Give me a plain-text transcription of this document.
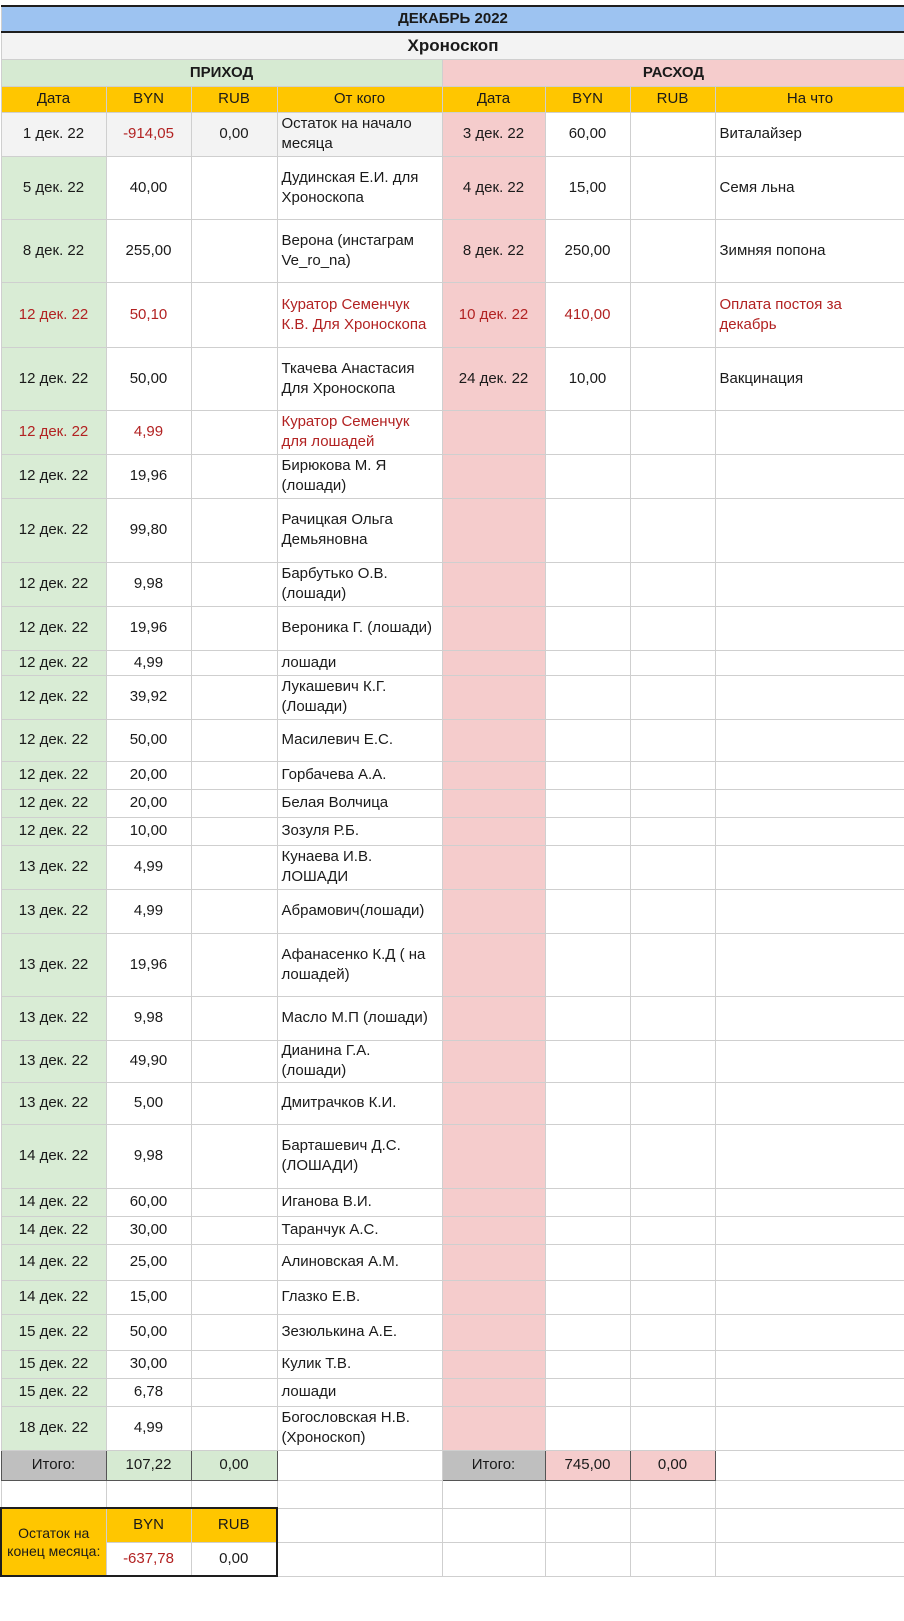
ДЕКАБРЬ 2022							
Хроноскоп							
ПРИХОД				РАСХОД			
Дата	BYN	RUB	От кого	Дата	BYN	RUB	На что
1 дек. 22	-914,05	0,00	Остаток на начало месяца	3 дек. 22	60,00		Виталайзер
5 дек. 22	40,00		Дудинская Е.И. для Хроноскопа	4 дек. 22	15,00		Семя льна
8 дек. 22	255,00		Верона (инстаграм Ve_ro_na)	8 дек. 22	250,00		Зимняя попона
12 дек. 22	50,10		Куратор Семенчук К.В. Для Хроноскопа	10 дек. 22	410,00		Оплата постоя за декабрь
12 дек. 22	50,00		Ткачева Анастасия Для Хроноскопа	24 дек. 22	10,00		Вакцинация
12 дек. 22	4,99		Куратор Семенчук для лошадей				
12 дек. 22	19,96		Бирюкова М. Я (лошади)				
12 дек. 22	99,80		Рачицкая Ольга Демьяновна				
12 дек. 22	9,98		Барбутько О.В. (лошади)				
12 дек. 22	19,96		Вероника Г. (лошади)				
12 дек. 22	4,99		лошади				
12 дек. 22	39,92		Лукашевич К.Г. (Лошади)				
12 дек. 22	50,00		Масилевич Е.С.				
12 дек. 22	20,00		Горбачева А.А.				
12 дек. 22	20,00		Белая Волчица				
12 дек. 22	10,00		Зозуля Р.Б.				
13 дек. 22	4,99		Кунаева И.В. ЛОШАДИ				
13 дек. 22	4,99		Абрамович(лошади)				
13 дек. 22	19,96		Афанасенко К.Д ( на лошадей)				
13 дек. 22	9,98		Масло М.П (лошади)				
13 дек. 22	49,90		Дианина Г.А. (лошади)				
13 дек. 22	5,00		Дмитрачков К.И.				
14 дек. 22	9,98		Барташевич Д.С. (ЛОШАДИ)				
14 дек. 22	60,00		Иганова В.И.				
14 дек. 22	30,00		Таранчук А.С.				
14 дек. 22	25,00		Алиновская А.М.				
14 дек. 22	15,00		Глазко Е.В.				
15 дек. 22	50,00		Зезюлькина А.Е.				
15 дек. 22	30,00		Кулик Т.В.				
15 дек. 22	6,78		лошади				
18 дек. 22	4,99		Богословская Н.В. (Хроноскоп)				
Итого:	107,22	0,00		Итого:	745,00	0,00	

Остаток на конец месяца:	BYN	RUB					
	-637,78	0,00					
